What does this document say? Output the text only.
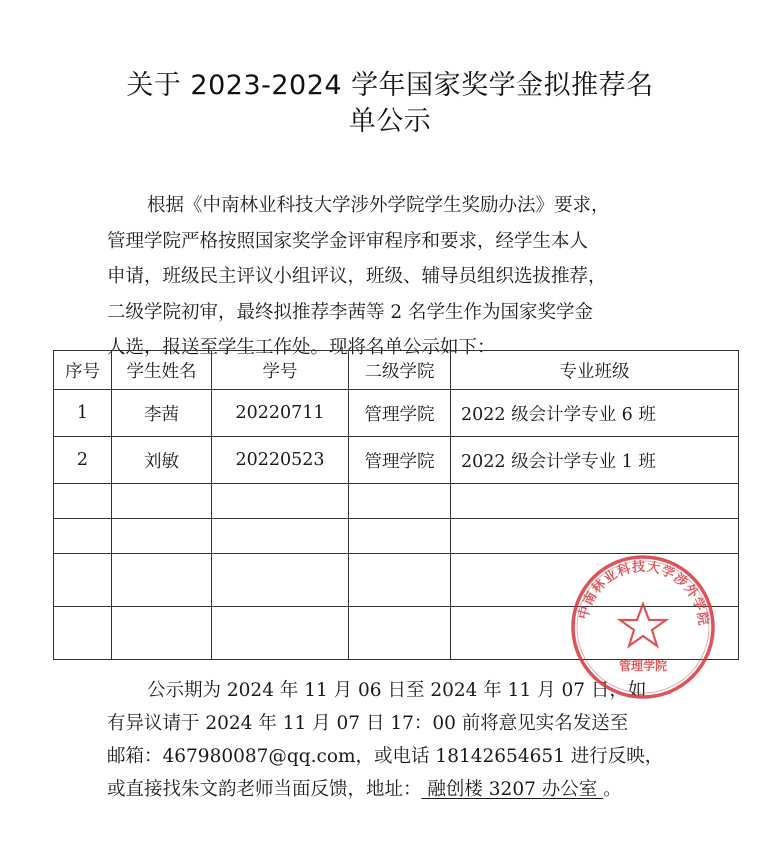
关于 2023-2024 学年国家奖学金拟推荐名
单公示
根据《中南林业科技大学涉外学院学生奖励办法》要求，
管理学院严格按照国家奖学金评审程序和要求，经学生本人
申请，班级民主评议小组评议，班级、辅导员组织选拔推荐，
二级学院初审，最终拟推荐李茜等 2 名学生作为国家奖学金
人选，报送至学生工作处。现将名单公示如下：
序号	学生姓名	学号	二级学院	专业班级
1	李茜	20220711	管理学院	2022 级会计学专业 6 班
2	刘敏	20220523	管理学院	2022 级会计学专业 1 班

公示期为 2024 年 11 月 06 日至 2024 年 11 月 07 日，如
有异议请于 2024 年 11 月 07 日 17：00 前将意见实名发送至
邮箱：467980087@qq.com，或电话 18142654651 进行反映，
或直接找朱文韵老师当面反馈，地址： 融创楼 3207 办公室 。
中南林业科技大学涉外学院
管理学院
